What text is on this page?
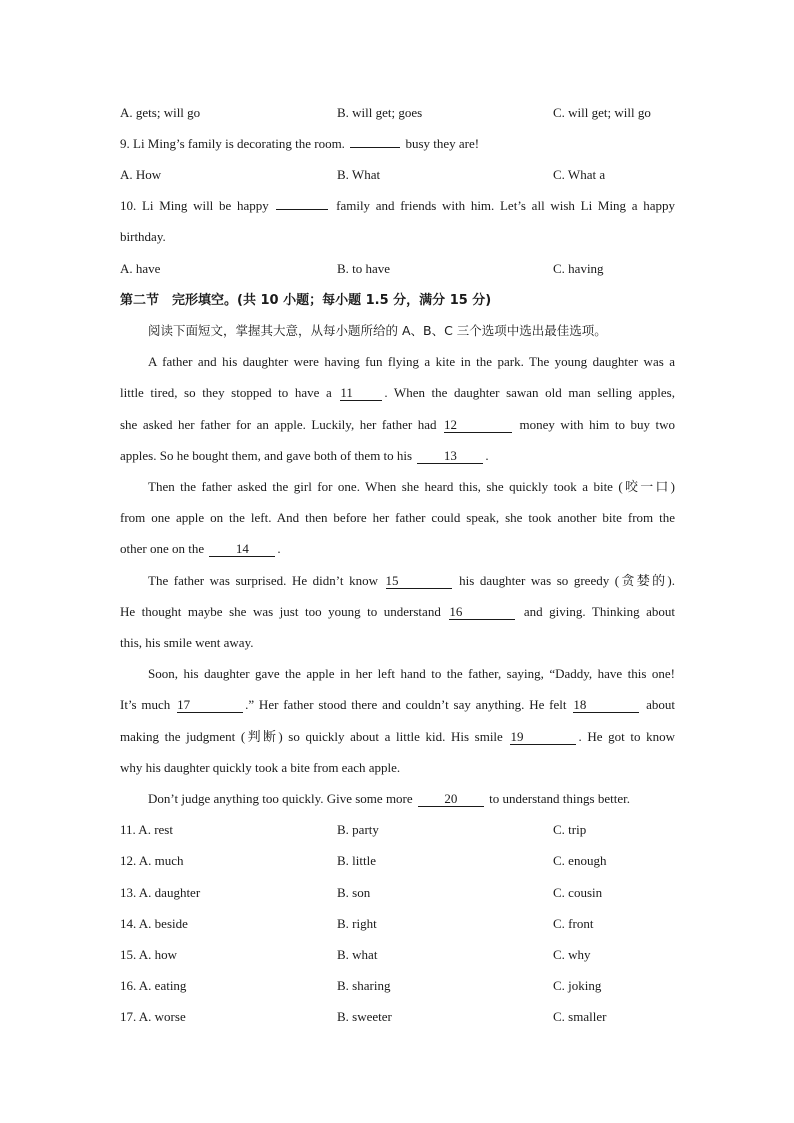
A. gets; will go	B. will get; goes	C. will get; will go
9. Li Ming’s family is decorating the room.	busy they are!
A. How	B. What	C. What a
10. Li Ming will be happy	family and friends with him. Let’s all wish Li Ming a happy
birthday.
A. have	B. to have	C. having
第二节　完形填空。(共 10 小题；每小题 1.5 分，满分 15 分)
阅读下面短文，掌握其大意，从每小题所给的 A、B、C 三个选项中选出最佳选项。
A father and his daughter were having fun flying a kite in the park. The young daughter was a
little tired, so they stopped to have a 11 . When the daughter sawan old man selling apples,
she asked her father for an apple. Luckily, her father had 12	money with him to buy two
apples. So he bought them, and gave both of them to his 13 .
Then the father asked the girl for one. When she heard this, she quickly took a bite (咬一口)
from one apple on the left. And then before her father could speak, she took another bite from the
other one on the 14 .
The father was surprised. He didn’t know 15	his daughter was so greedy (贪婪的).
He thought maybe she was just too young to understand 16	and giving. Thinking about
this, his smile went away.
Soon, his daughter gave the apple in her left hand to the father, saying, “Daddy, have this one!
It’s much 17	.” Her father stood there and couldn’t say anything. He felt 18	about
making the judgment (判断) so quickly about a little kid. His smile 19	. He got to know
why his daughter quickly took a bite from each apple.
Don’t judge anything too quickly. Give some more 20 to understand things better.
11. A. rest	B. party	C. trip
12. A. much	B. little	C. enough
13. A. daughter	B. son	C. cousin
14. A. beside	B. right	C. front
15. A. how	B. what	C. why
16. A. eating	B. sharing	C. joking
17. A. worse	B. sweeter	C. smaller
